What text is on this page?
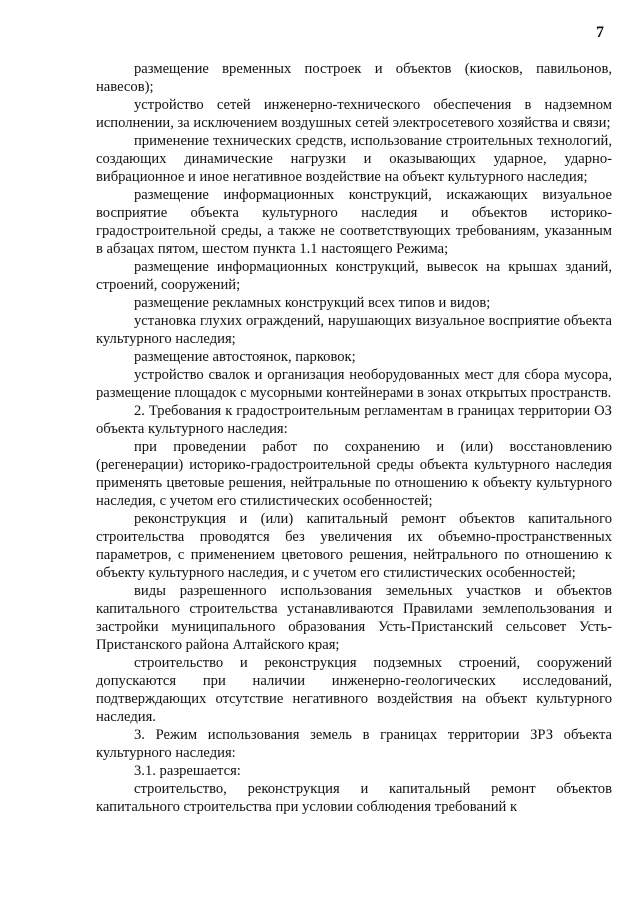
7

размещение временных построек и объектов (киосков, павильонов, навесов);

устройство сетей инженерно-технического обеспечения в надземном исполнении, за исключением воздушных сетей электросетевого хозяйства и связи;

применение технических средств, использование строительных технологий, создающих динамические нагрузки и оказывающих ударное, ударно-вибрационное и иное негативное воздействие на объект культурного наследия;

размещение информационных конструкций, искажающих визуальное восприятие объекта культурного наследия и объектов историко-градостроительной среды, а также не соответствующих требованиям, указанным в абзацах пятом, шестом пункта 1.1 настоящего Режима;

размещение информационных конструкций, вывесок на крышах зданий, строений, сооружений;

размещение рекламных конструкций всех типов и видов;

установка глухих ограждений, нарушающих визуальное восприятие объекта культурного наследия;

размещение автостоянок, парковок;

устройство свалок и организация необорудованных мест для сбора мусора, размещение площадок с мусорными контейнерами в зонах открытых пространств.

2. Требования к градостроительным регламентам в границах территории ОЗ объекта культурного наследия:

при проведении работ по сохранению и (или) восстановлению (регенерации) историко-градостроительной среды объекта культурного наследия применять цветовые решения, нейтральные по отношению к объекту культурного наследия, с учетом его стилистических особенностей;

реконструкция и (или) капитальный ремонт объектов капитального строительства проводятся без увеличения их объемно-пространственных параметров, с применением цветового решения, нейтрального по отношению к объекту культурного наследия, и с учетом его стилистических особенностей;

виды разрешенного использования земельных участков и объектов капитального строительства устанавливаются Правилами землепользования и застройки муниципального образования Усть-Пристанский сельсовет Усть-Пристанского района Алтайского края;

строительство и реконструкция подземных строений, сооружений допускаются при наличии инженерно-геологических исследований, подтверждающих отсутствие негативного воздействия на объект культурного наследия.

3. Режим использования земель в границах территории ЗРЗ объекта культурного наследия:

3.1. разрешается:

строительство, реконструкция и капитальный ремонт объектов капитального строительства при условии соблюдения требований к
